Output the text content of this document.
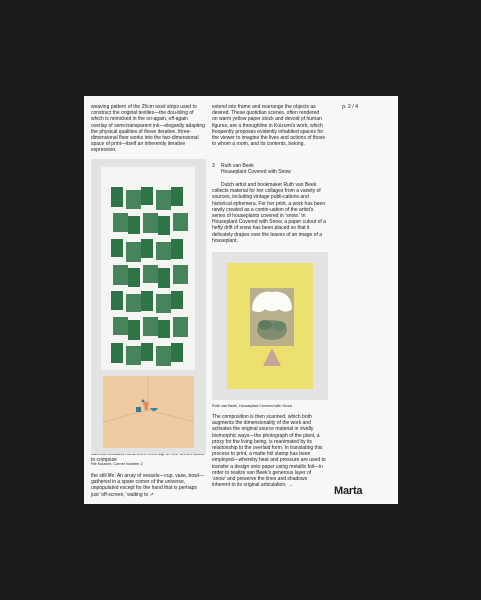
p. 2 / 4

weaving pattern of the 25cm wool strips used to construct the original textiles—the dou-bling of which is mimicked in the on-again, off-again overlay of semi-transparent ink—elegantly adapting the physical qualities of these iterative, three-dimensional floor works into the two-dimensional space of print—itself an inherently iterative expression.

to compose

extend into frame and rearrange the objects as desired. These quotidian scenes, often rendered on warm yellow paper stock and devoid of human figures, are a throughline in Koizumi’s work, which frequently proposes evidently inhabited spaces for the viewer to imagine the lives and actions of those to whom a room, and its contents, belong.

3 Ruth van Beek
Houseplant Covered with Snow

Dutch artist and bookmaker Ruth van Beek collects material for her collages from a variety of sources, including vintage publi-cations and historical ephemera. For her print, a work has been newly created as a contin-uation of the artist’s series of houseplants covered in ‘snow.’ In Houseplant Covered with Snow, a paper cutout of a hefty drift of snow has been placed so that it delicately drapes over the leaves of an image of a houseplant.

Ruth van Beek, Houseplant Covered with Snow

The composition is then scanned, which both augments the dimensionality of the work and activates the original source material in vividly biomorphic ways—the photograph of the plant, a proxy for the living being, is reanimated by its relationship to the overlaid form. In translating this process to print, a matte foil stamp has been employed—whereby heat and pressure are used to transfer a design onto paper using metallic foil—in order to realize van Beek’s generous layer of ‘snow’ and preserve the lines and shadows inherent to its original articulation. →	Marta
Rie Koizumi, Corner Number 2

the still life: An array of vessels—cup, vase, bowl—gathered in a spare corner of the universe, unpopulated except for the hand that is perhaps just ‘off-screen,’ waiting to ↗
